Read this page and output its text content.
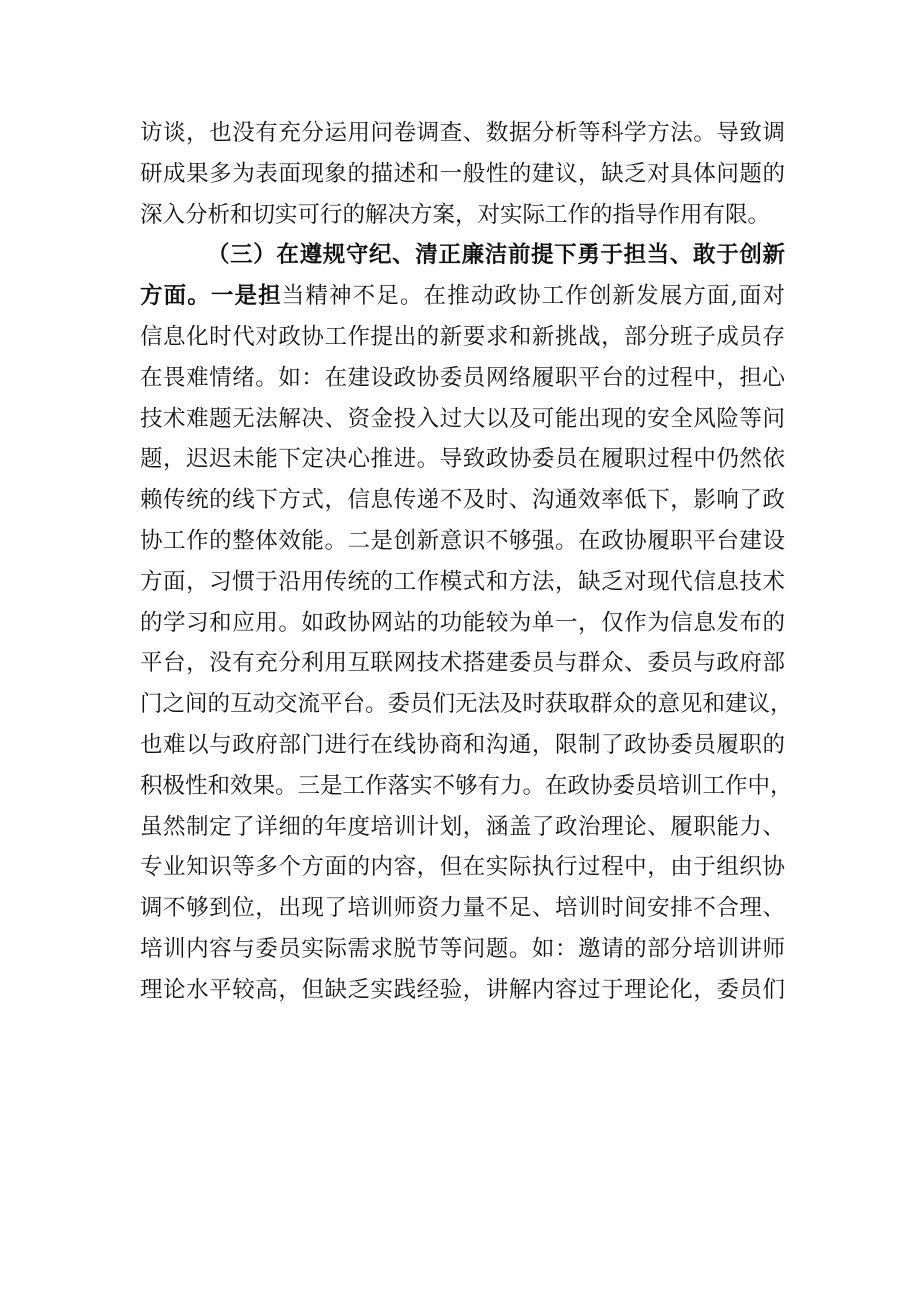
访谈，也没有充分运用问卷调查、数据分析等科学方法。导致调
研成果多为表面现象的描述和一般性的建议，缺乏对具体问题的
深入分析和切实可行的解决方案，对实际工作的指导作用有限。
（三）在遵规守纪、清正廉洁前提下勇于担当、敢于创新
方面。一是担当精神不足。在推动政协工作创新发展方面,面对
信息化时代对政协工作提出的新要求和新挑战，部分班子成员存
在畏难情绪。如：在建设政协委员网络履职平台的过程中，担心
技术难题无法解决、资金投入过大以及可能出现的安全风险等问
题，迟迟未能下定决心推进。导致政协委员在履职过程中仍然依
赖传统的线下方式，信息传递不及时、沟通效率低下，影响了政
协工作的整体效能。二是创新意识不够强。在政协履职平台建设
方面，习惯于沿用传统的工作模式和方法，缺乏对现代信息技术
的学习和应用。如政协网站的功能较为单一，仅作为信息发布的
平台，没有充分利用互联网技术搭建委员与群众、委员与政府部
门之间的互动交流平台。委员们无法及时获取群众的意见和建议，
也难以与政府部门进行在线协商和沟通，限制了政协委员履职的
积极性和效果。三是工作落实不够有力。在政协委员培训工作中，
虽然制定了详细的年度培训计划，涵盖了政治理论、履职能力、
专业知识等多个方面的内容，但在实际执行过程中，由于组织协
调不够到位，出现了培训师资力量不足、培训时间安排不合理、
培训内容与委员实际需求脱节等问题。如：邀请的部分培训讲师
理论水平较高，但缺乏实践经验，讲解内容过于理论化，委员们
